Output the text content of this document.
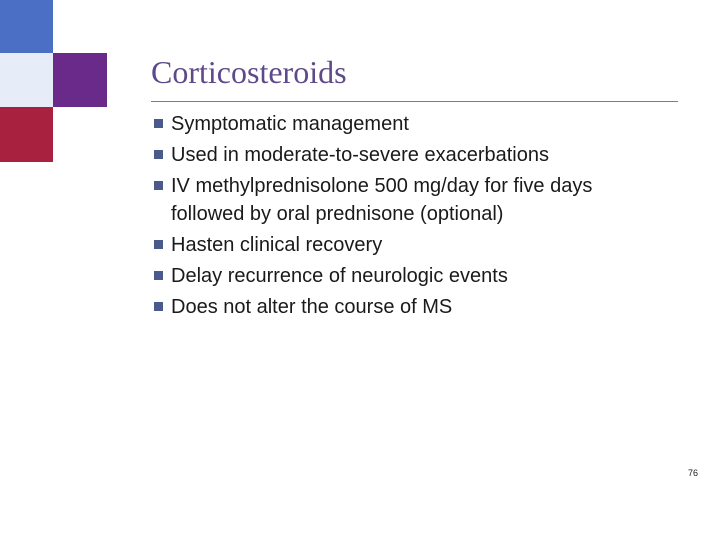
Corticosteroids
Symptomatic management
Used in moderate-to-severe exacerbations
IV methylprednisolone 500 mg/day for five days
followed by oral prednisone (optional)
Hasten clinical recovery
Delay recurrence of neurologic events
Does not alter the course of MS
76
